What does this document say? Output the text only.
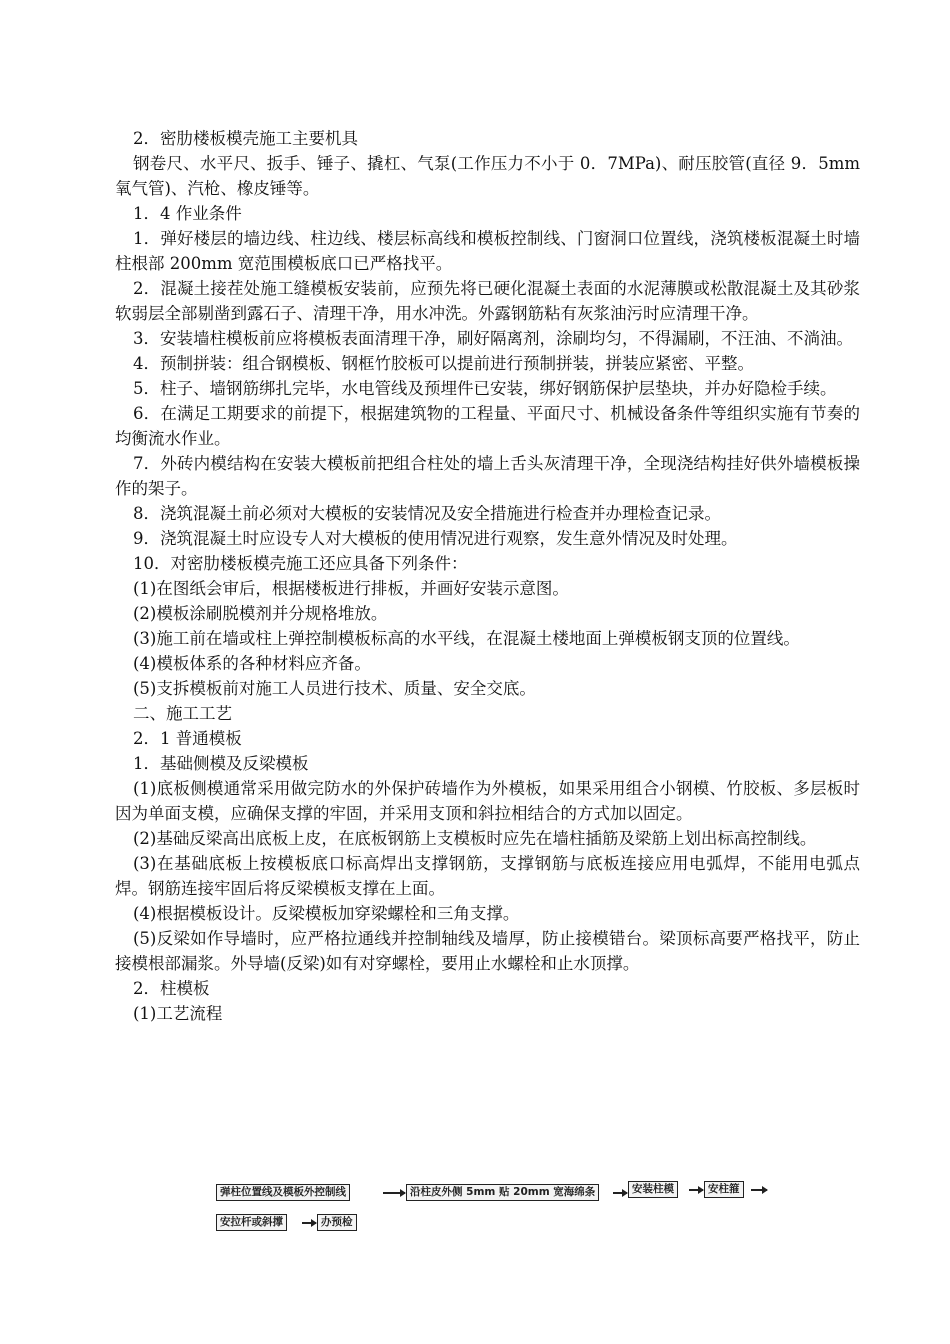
2．密肋楼板模壳施工主要机具

钢卷尺、水平尺、扳手、锤子、撬杠、气泵(工作压力不小于 0．7MPa)、耐压胶管(直径 9．5mm 氧气管)、汽枪、橡皮锤等。

1．4 作业条件

1．弹好楼层的墙边线、柱边线、楼层标高线和模板控制线、门窗洞口位置线，浇筑楼板混凝土时墙柱根部 200mm 宽范围模板底口已严格找平。

2．混凝土接茬处施工缝模板安装前，应预先将已硬化混凝土表面的水泥薄膜或松散混凝土及其砂浆软弱层全部剔凿到露石子、清理干净，用水冲洗。外露钢筋粘有灰浆油污时应清理干净。

3．安装墙柱模板前应将模板表面清理干净，刷好隔离剂，涂刷均匀，不得漏刷，不汪油、不淌油。

4．预制拼装：组合钢模板、钢框竹胶板可以提前进行预制拼装，拼装应紧密、平整。

5．柱子、墙钢筋绑扎完毕，水电管线及预埋件已安装，绑好钢筋保护层垫块，并办好隐检手续。

6．在满足工期要求的前提下，根据建筑物的工程量、平面尺寸、机械设备条件等组织实施有节奏的均衡流水作业。

7．外砖内模结构在安装大模板前把组合柱处的墙上舌头灰清理干净，全现浇结构挂好供外墙模板操作的架子。

8．浇筑混凝土前必须对大模板的安装情况及安全措施进行检查并办理检查记录。

9．浇筑混凝土时应设专人对大模板的使用情况进行观察，发生意外情况及时处理。

10．对密肋楼板模壳施工还应具备下列条件：

(1)在图纸会审后，根据楼板进行排板，并画好安装示意图。

(2)模板涂刷脱模剂并分规格堆放。

(3)施工前在墙或柱上弹控制模板标高的水平线，在混凝土楼地面上弹模板钢支顶的位置线。

(4)模板体系的各种材料应齐备。

(5)支拆模板前对施工人员进行技术、质量、安全交底。

二、施工工艺

2．1 普通模板

1．基础侧模及反梁模板

(1)底板侧模通常采用做完防水的外保护砖墙作为外模板，如果采用组合小钢模、竹胶板、多层板时因为单面支模，应确保支撑的牢固，并采用支顶和斜拉相结合的方式加以固定。

(2)基础反梁高出底板上皮，在底板钢筋上支模板时应先在墙柱插筋及梁筋上划出标高控制线。

(3)在基础底板上按模板底口标高焊出支撑钢筋，支撑钢筋与底板连接应用电弧焊，不能用电弧点焊。钢筋连接牢固后将反梁模板支撑在上面。

(4)根据模板设计。反梁模板加穿梁螺栓和三角支撑。

(5)反梁如作导墙时，应严格拉通线并控制轴线及墙厚，防止接模错台。梁顶标高要严格找平，防止接模根部漏浆。外导墙(反梁)如有对穿螺栓，要用止水螺栓和止水顶撑。

2．柱模板

(1)工艺流程

弹柱位置线及模板外控制线	沿柱皮外侧 5mm 贴 20mm 宽海绵条	安装柱模	安柱箍
安拉杆或斜撑	办预检
